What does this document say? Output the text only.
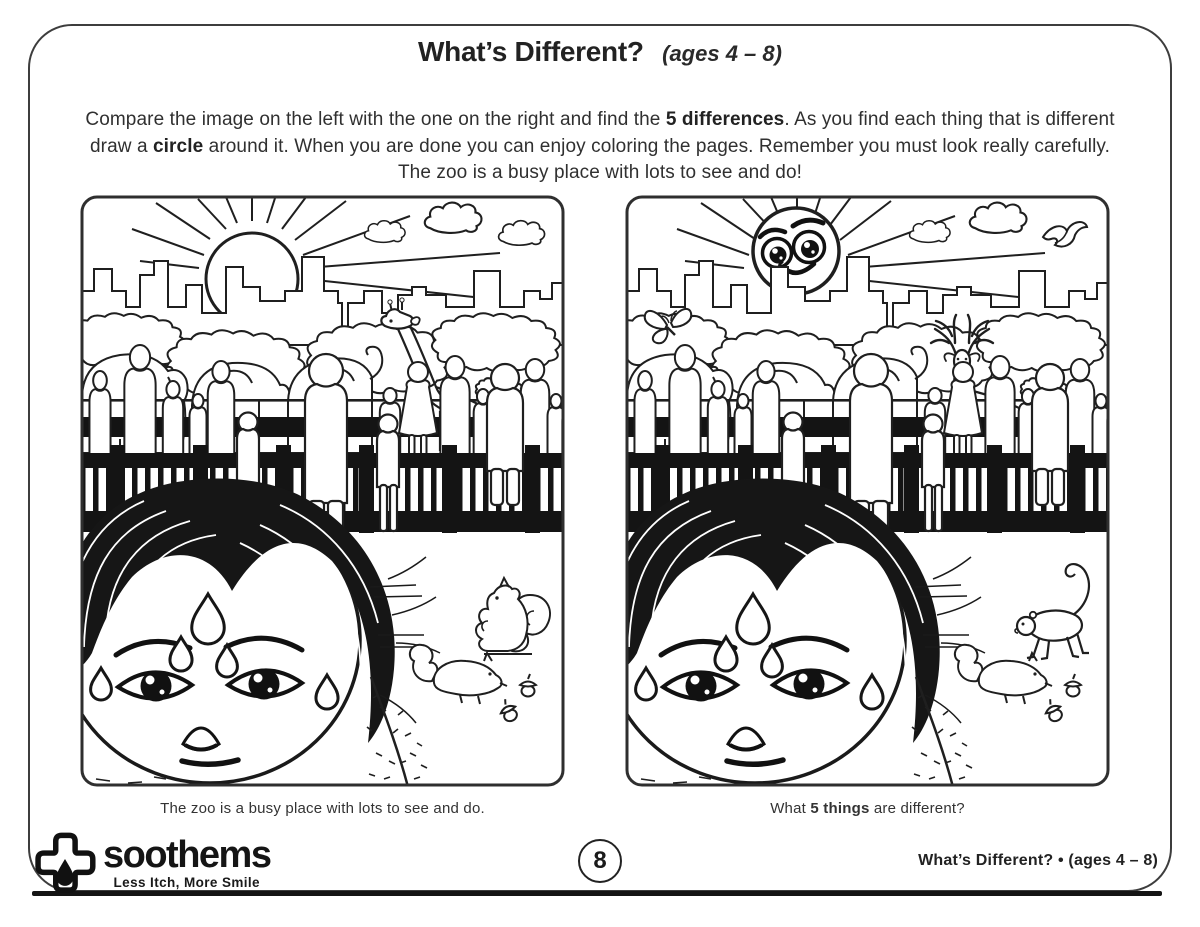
What’s Different? (ages 4 – 8)

Compare the image on the left with the one on the right and find the 5 differences. As you find each thing that is different
draw a circle around it. When you are done you can enjoy coloring the pages. Remember you must look really carefully.
The zoo is a busy place with lots to see and do!

The zoo is a busy place with lots to see and do.	What 5 things are different?
soothems
Less Itch, More Smile
8	What’s Different? • (ages 4 – 8)
